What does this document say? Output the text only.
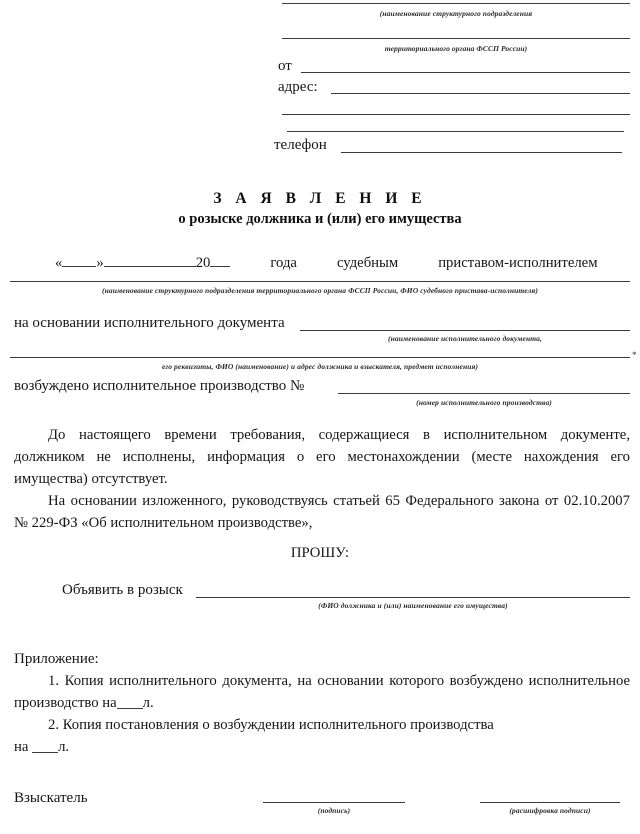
(наименование структурного подразделения
территориального органа ФССП России)
от
адрес:
телефон
З А Я В Л Е Н И Е
о розыске должника и (или) его имущества
« »	20	года	судебным	приставом-исполнителем
(наименование структурного подразделения территориального органа ФССП России, ФИО судебного пристава-исполнителя)
на основании исполнительного документа
(наименование исполнительного документа,
*
его реквизиты, ФИО (наименование) и адрес должника и взыскателя, предмет исполнения)
возбуждено исполнительное производство №
(номер исполнительного производства)
До настоящего времени требования, содержащиеся в исполнительном документе, должником не исполнены, информация о его местонахождении (месте нахождения его имущества) отсутствует.
На основании изложенного, руководствуясь статьей 65 Федерального закона от 02.10.2007 № 229-ФЗ «Об исполнительном производстве»,
ПРОШУ:
Объявить в розыск
(ФИО должника и (или) наименование его имущества)
Приложение:
1. Копия исполнительного документа, на основании которого возбуждено исполнительное производство на л.
2. Копия постановления о возбуждении исполнительного производства
на л.
Взыскатель
(подпись)	(расшифровка подписи)
